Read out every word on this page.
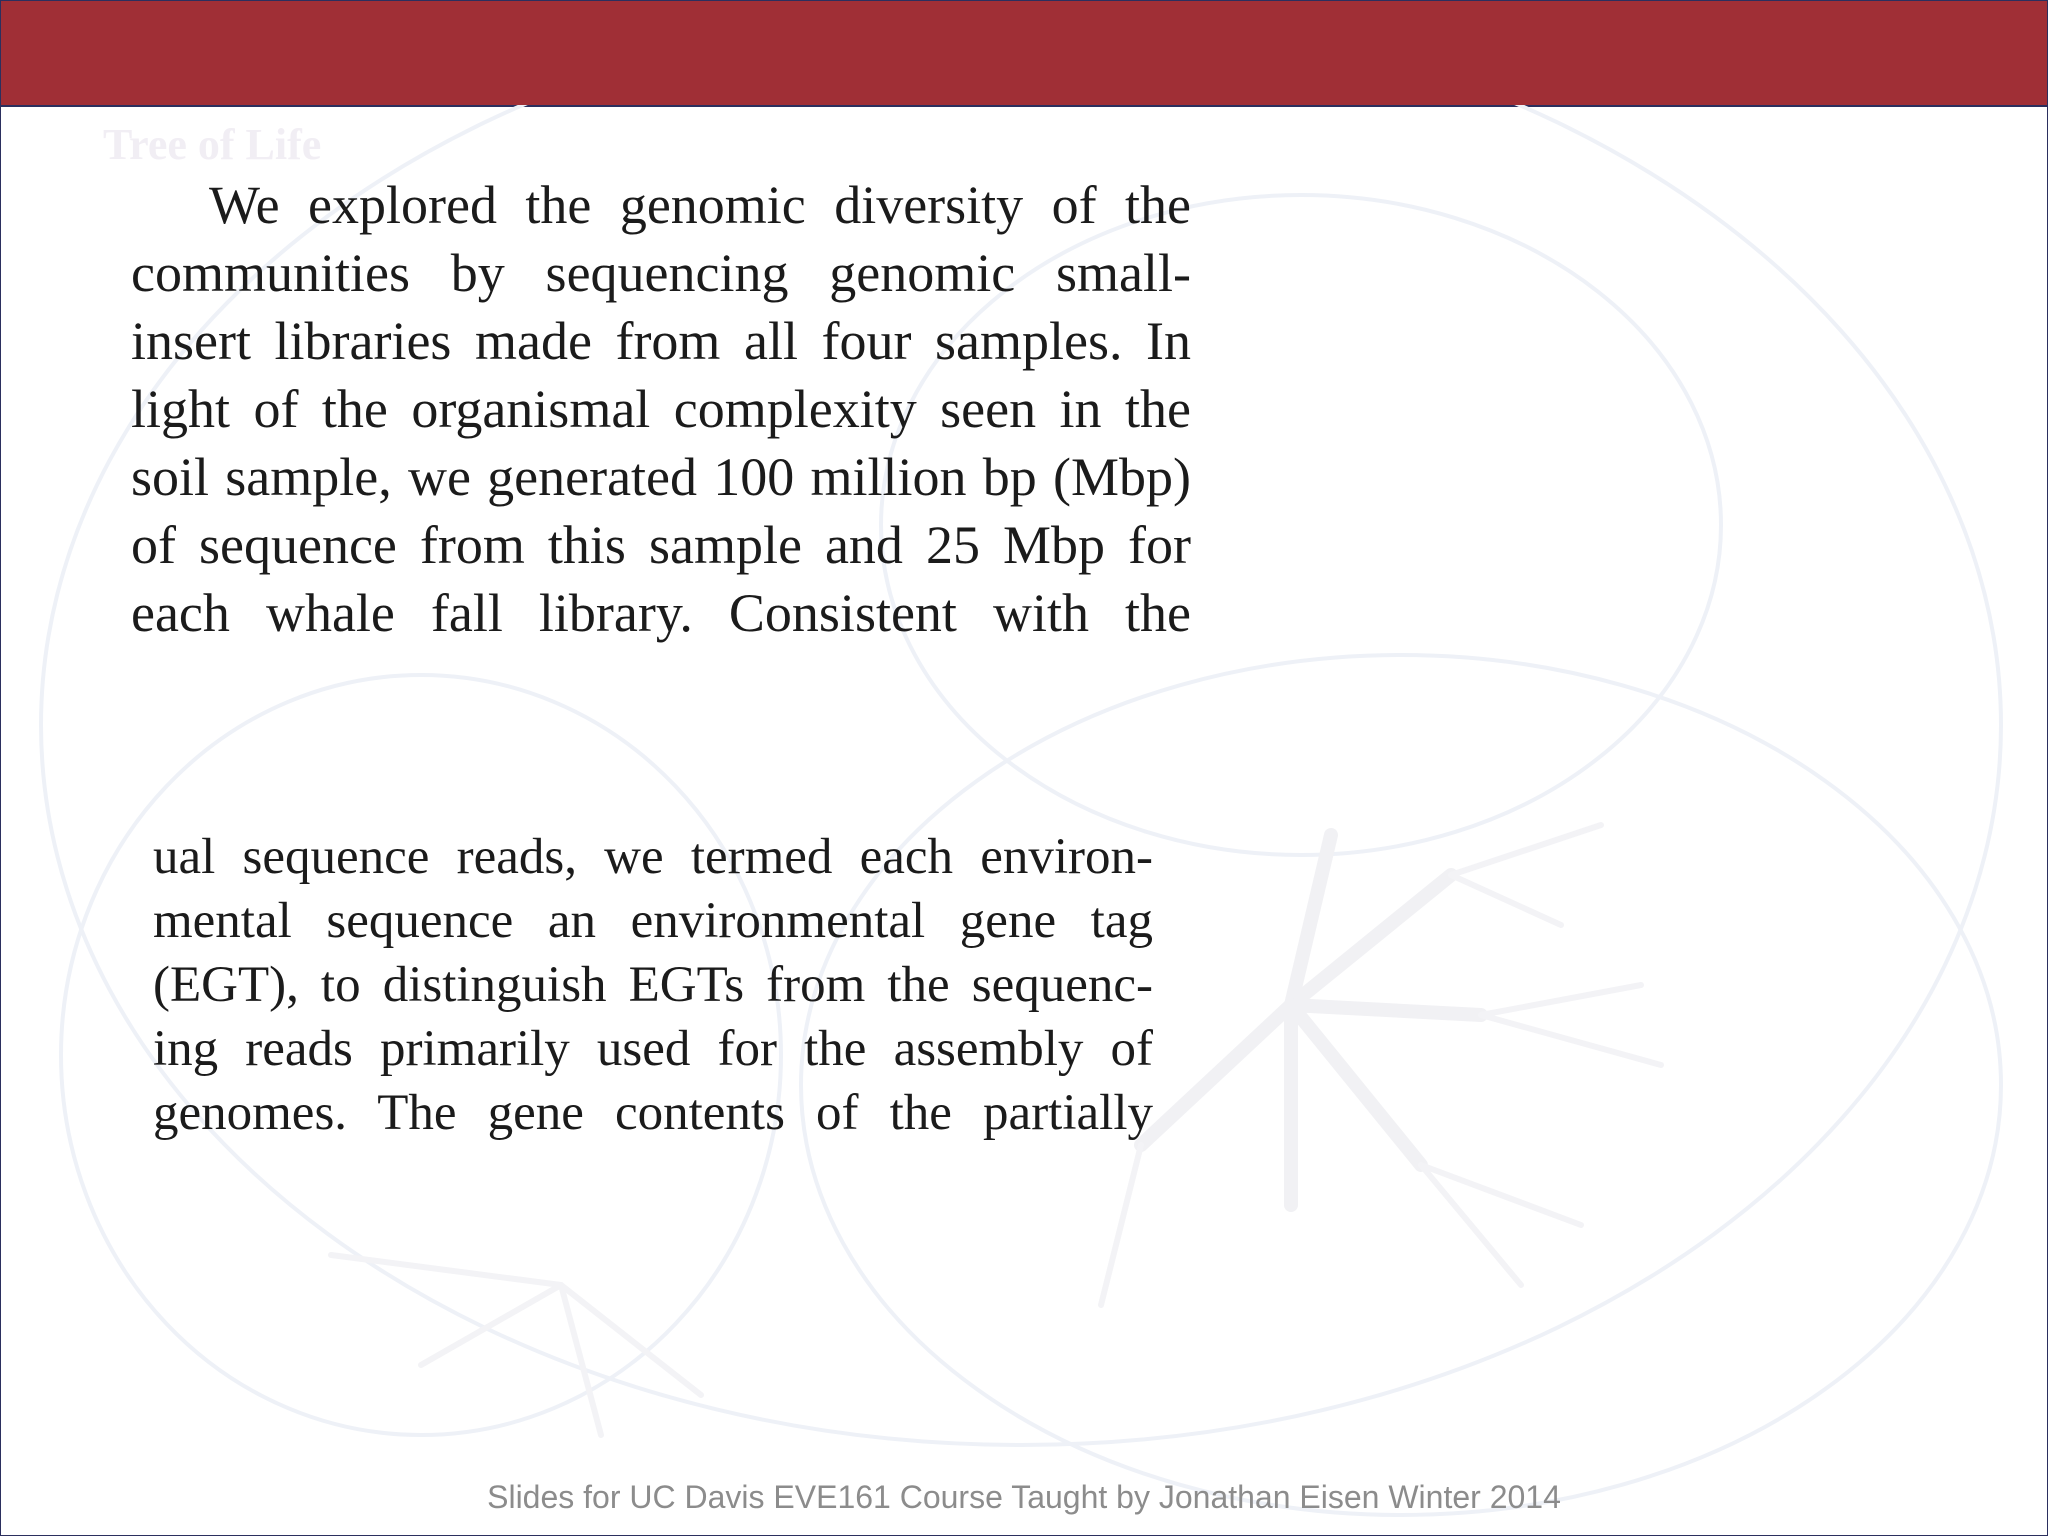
Tree of Life
We explored the genomic diversity of the
communities by sequencing genomic small-
insert libraries made from all four samples. In
light of the organismal complexity seen in the
soil sample, we generated 100 million bp (Mbp)
of sequence from this sample and 25 Mbp for
each whale fall library. Consistent with the
ual sequence reads, we termed each environ-
mental sequence an environmental gene tag
(EGT), to distinguish EGTs from the sequenc-
ing reads primarily used for the assembly of
genomes. The gene contents of the partially
Slides for UC Davis EVE161 Course Taught by Jonathan Eisen Winter 2014
